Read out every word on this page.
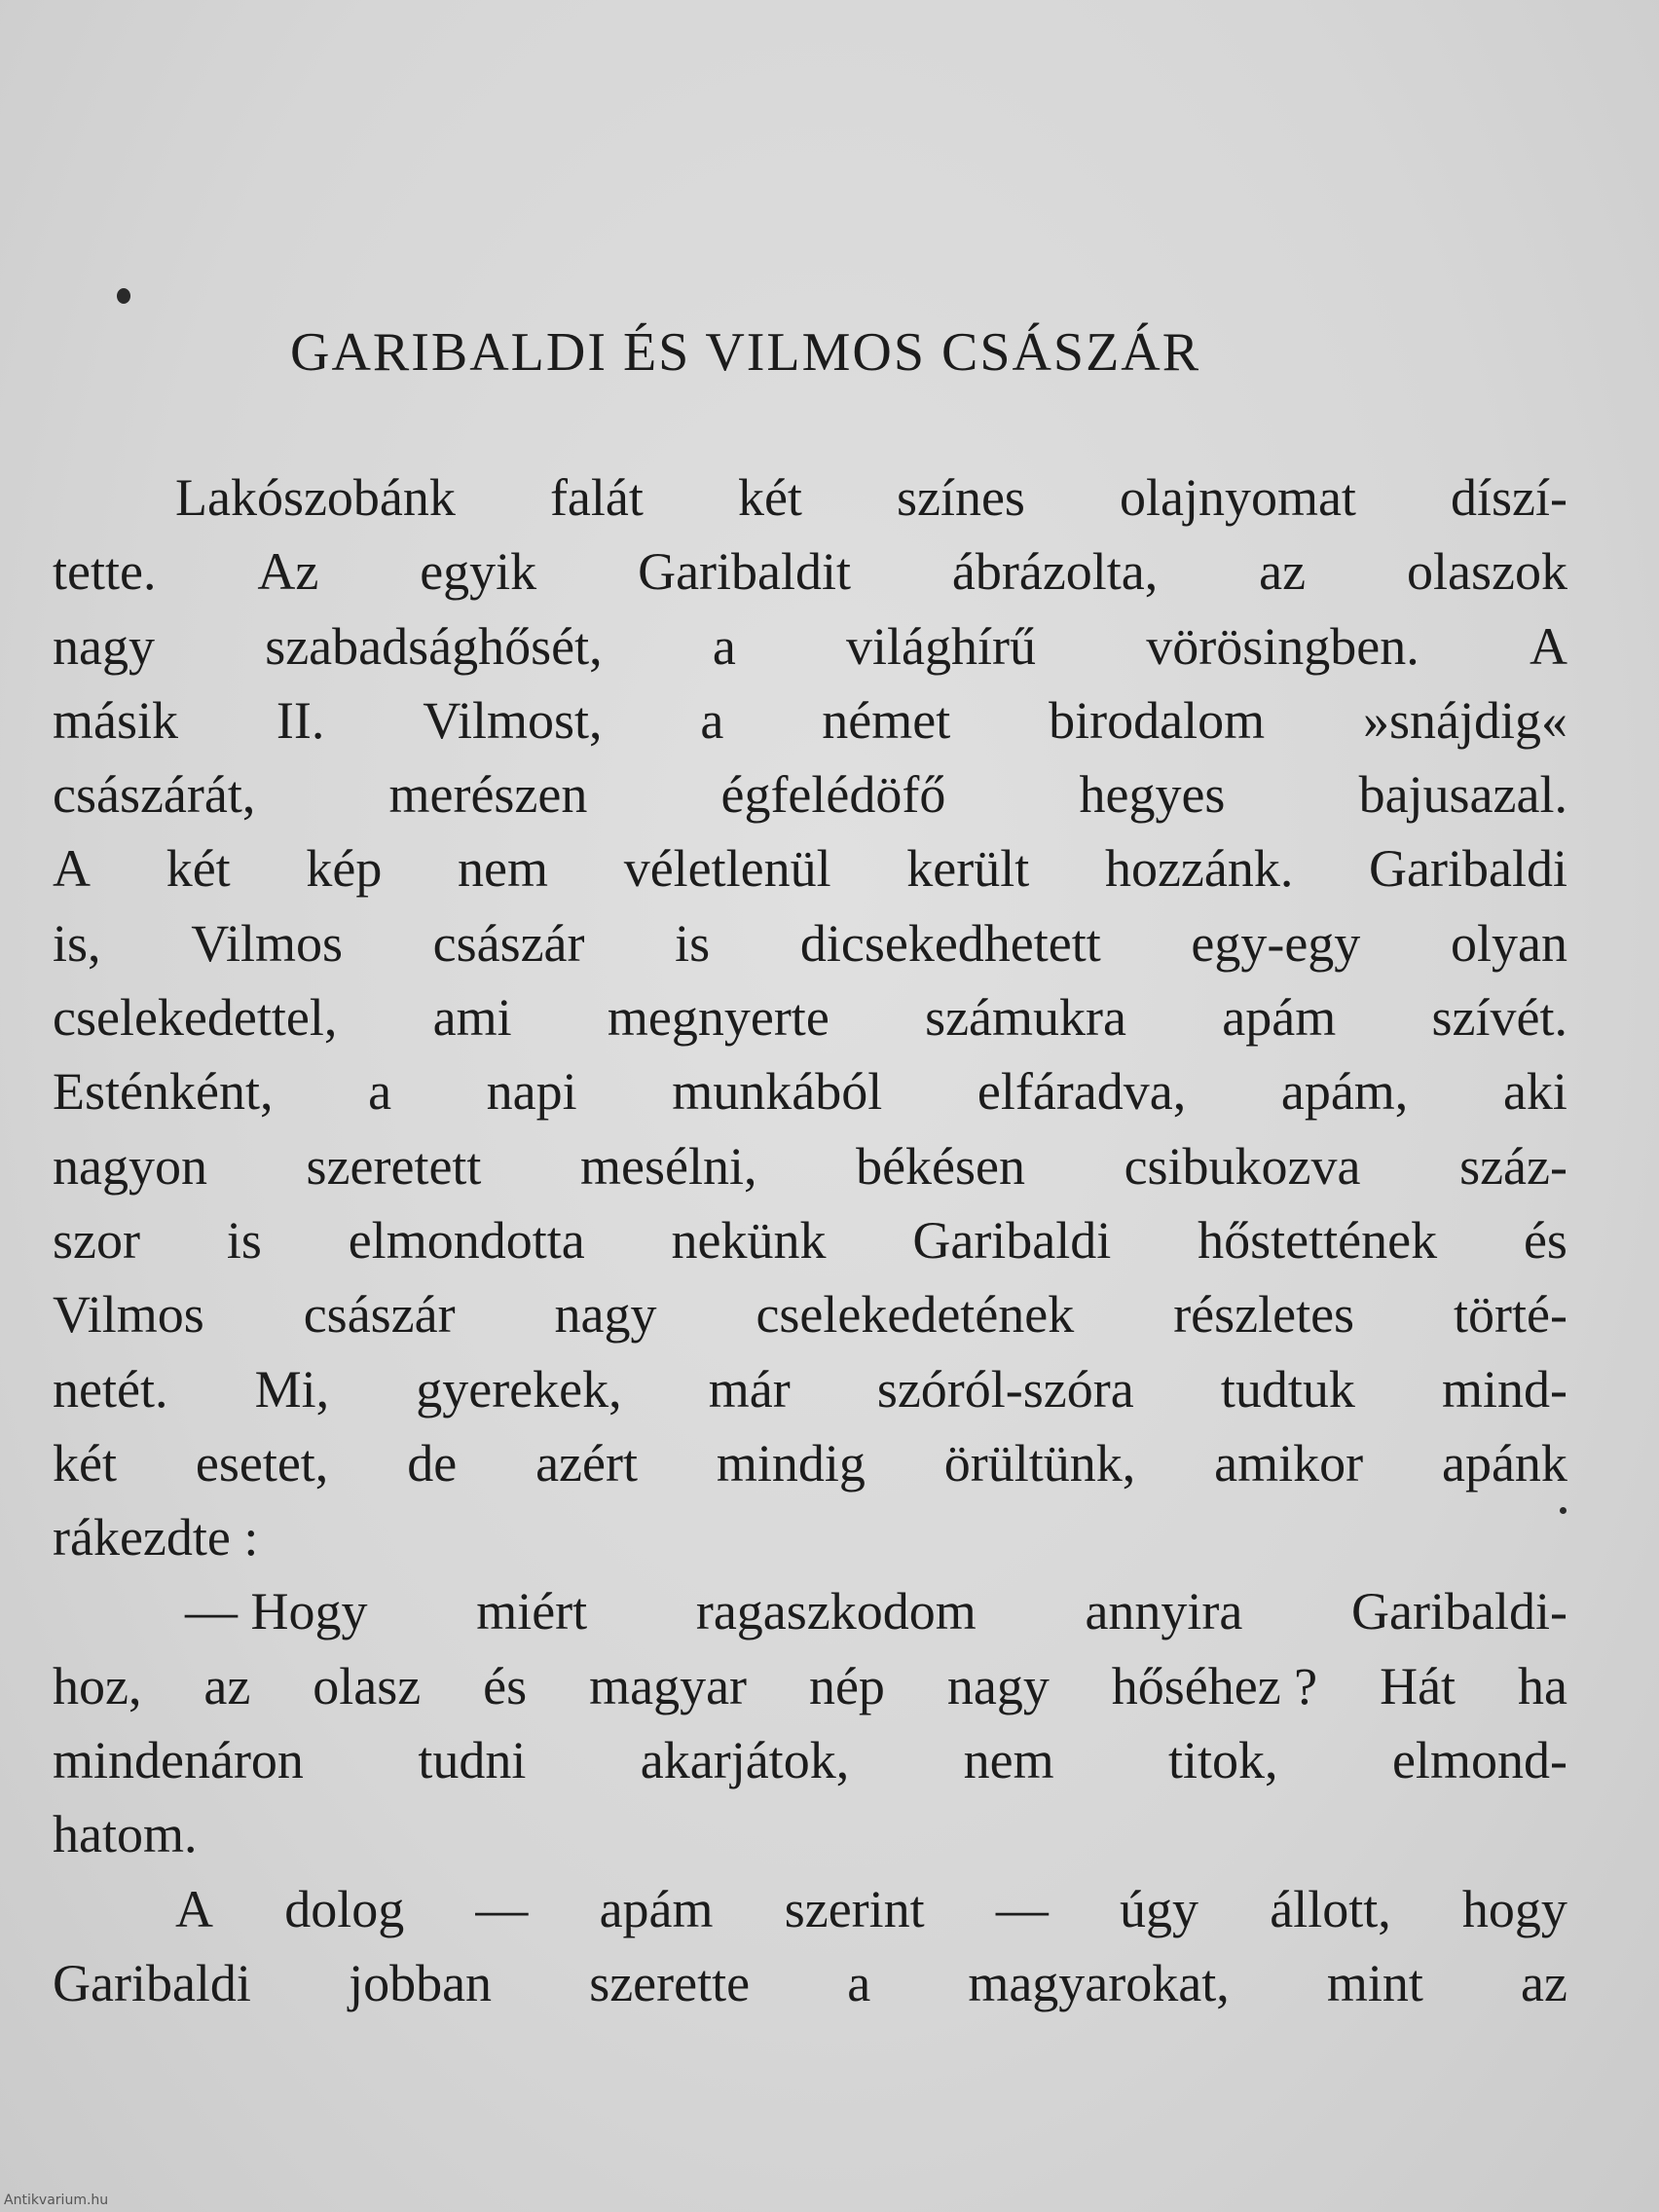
GARIBALDI ÉS VILMOS CSÁSZÁR
Lakószobánk falát két színes olajnyomat díszí-
tette. Az egyik Garibaldit ábrázolta, az olaszok
nagy szabadsághősét, a világhírű vörösingben. A
másik II. Vilmost, a német birodalom »snájdig«
császárát,	merészen	égfelédöfő	hegyes	bajusazal.
A két kép nem véletlenül került hozzánk. Garibaldi
is, Vilmos császár is dicsekedhetett egy-egy olyan
cselekedettel, ami megnyerte számukra apám szívét.
Esténként, a napi munkából elfáradva, apám, aki
nagyon szeretett mesélni, békésen csibukozva száz-
szor is elmondotta nekünk Garibaldi hőstettének és
Vilmos császár nagy cselekedetének részletes törté-
netét. Mi, gyerekek, már szóról-szóra tudtuk mind-
két esetet, de azért mindig örültünk, amikor apánk
rákezdte :
— Hogy miért ragaszkodom annyira Garibaldi-
hoz, az olasz és magyar nép nagy hőséhez ? Hát ha
mindenáron tudni akarjátok, nem titok, elmond-
hatom.
A dolog — apám szerint — úgy állott, hogy
Garibaldi jobban szerette a magyarokat, mint az
Antikvarium.hu
